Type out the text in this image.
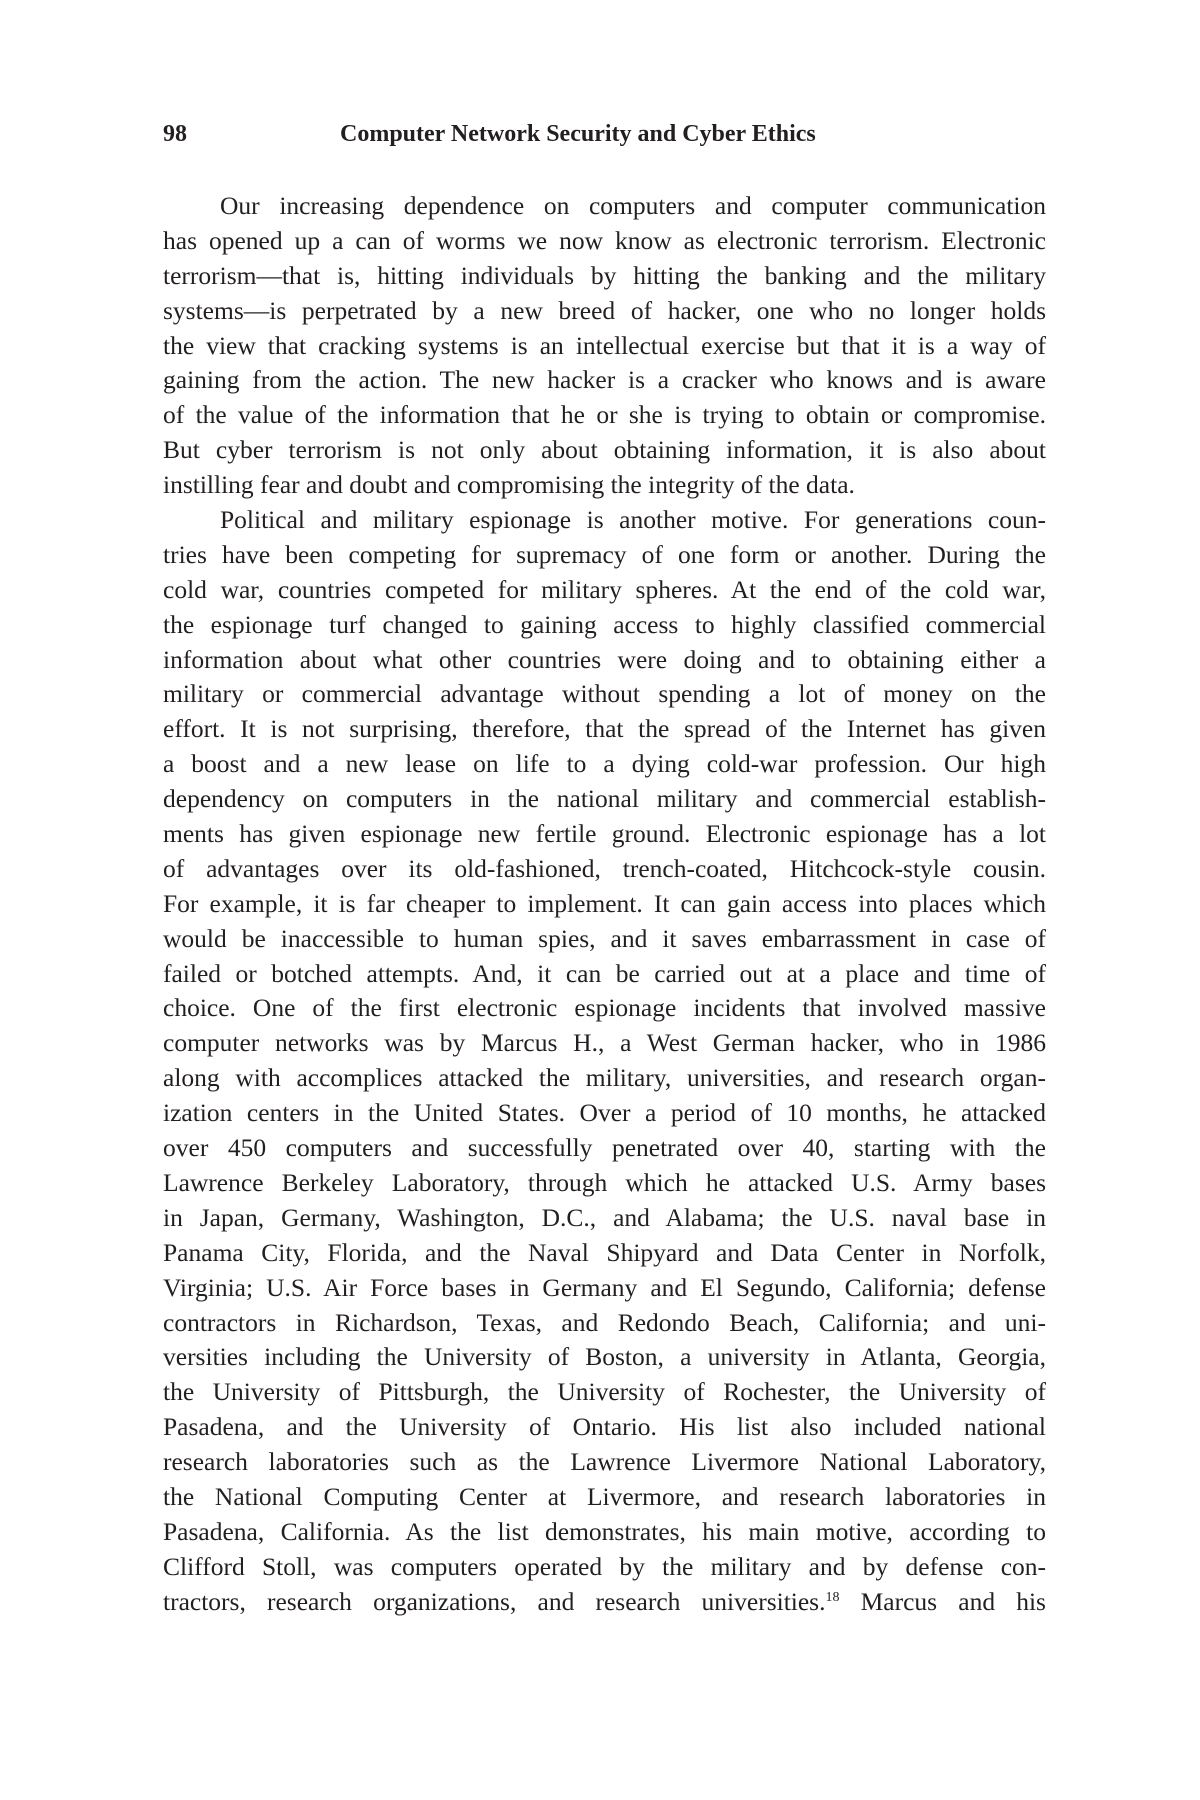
98	Computer Network Security and Cyber Ethics
Our increasing dependence on computers and computer communication
has opened up a can of worms we now know as electronic terrorism. Electronic
terrorism—that is, hitting individuals by hitting the banking and the military
systems—is perpetrated by a new breed of hacker, one who no longer holds
the view that cracking systems is an intellectual exercise but that it is a way of
gaining from the action. The new hacker is a cracker who knows and is aware
of the value of the information that he or she is trying to obtain or compromise.
But cyber terrorism is not only about obtaining information, it is also about
instilling fear and doubt and compromising the integrity of the data.
Political and military espionage is another motive. For generations coun-
tries have been competing for supremacy of one form or another. During the
cold war, countries competed for military spheres. At the end of the cold war,
the espionage turf changed to gaining access to highly classified commercial
information about what other countries were doing and to obtaining either a
military or commercial advantage without spending a lot of money on the
effort. It is not surprising, therefore, that the spread of the Internet has given
a boost and a new lease on life to a dying cold-war profession. Our high
dependency on computers in the national military and commercial establish-
ments has given espionage new fertile ground. Electronic espionage has a lot
of advantages over its old-fashioned, trench-coated, Hitchcock-style cousin.
For example, it is far cheaper to implement. It can gain access into places which
would be inaccessible to human spies, and it saves embarrassment in case of
failed or botched attempts. And, it can be carried out at a place and time of
choice. One of the first electronic espionage incidents that involved massive
computer networks was by Marcus H., a West German hacker, who in 1986
along with accomplices attacked the military, universities, and research organ-
ization centers in the United States. Over a period of 10 months, he attacked
over 450 computers and successfully penetrated over 40, starting with the
Lawrence Berkeley Laboratory, through which he attacked U.S. Army bases
in Japan, Germany, Washington, D.C., and Alabama; the U.S. naval base in
Panama City, Florida, and the Naval Shipyard and Data Center in Norfolk,
Virginia; U.S. Air Force bases in Germany and El Segundo, California; defense
contractors in Richardson, Texas, and Redondo Beach, California; and uni-
versities including the University of Boston, a university in Atlanta, Georgia,
the University of Pittsburgh, the University of Rochester, the University of
Pasadena, and the University of Ontario. His list also included national
research laboratories such as the Lawrence Livermore National Laboratory,
the National Computing Center at Livermore, and research laboratories in
Pasadena, California. As the list demonstrates, his main motive, according to
Clifford Stoll, was computers operated by the military and by defense con-
tractors, research organizations, and research universities.$^{18}$ Marcus and his
